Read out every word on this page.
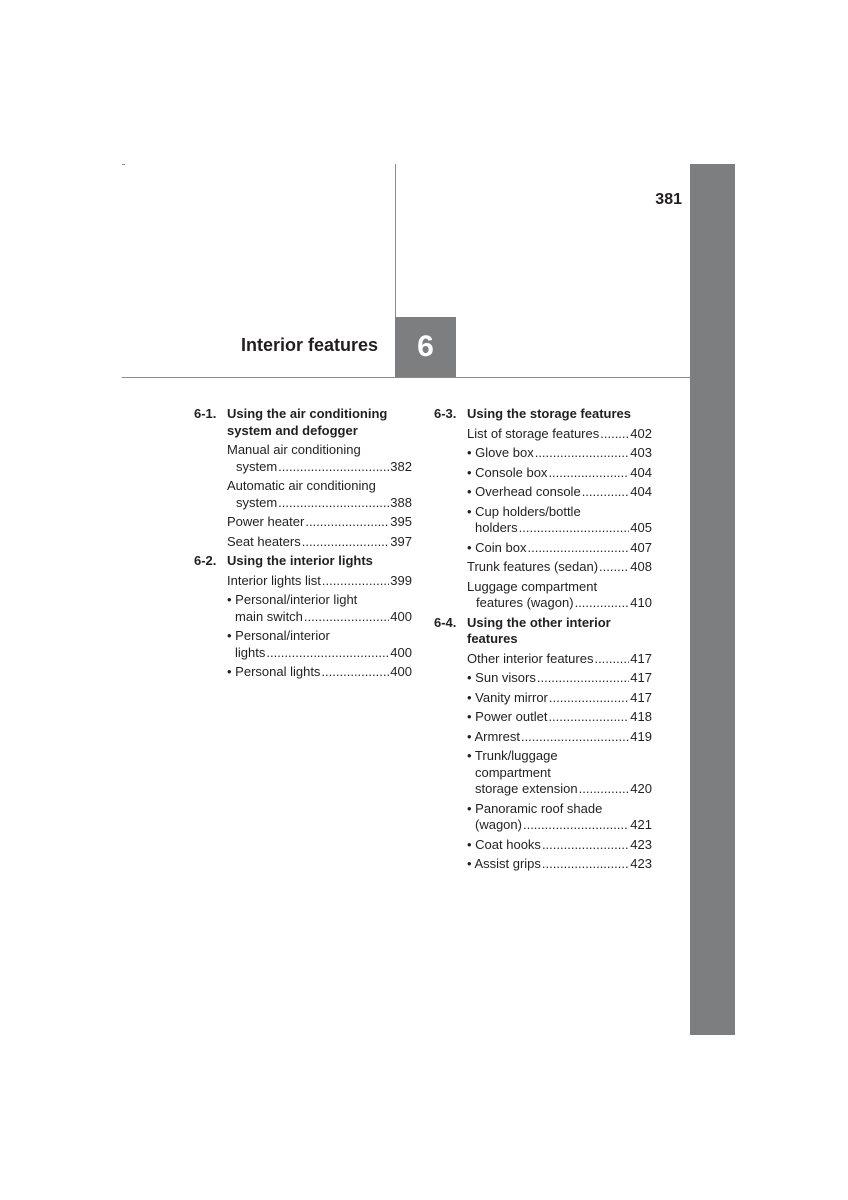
381
Interior features 6
6-1. Using the air conditioning
system and defogger
Manual air conditioning
system .....	382
Automatic air conditioning
system .....	388
Power heater .....	395
Seat heaters .....	397
6-2. Using the interior lights
Interior lights list .....	399
• Personal/interior light
main switch .....	400
• Personal/interior
lights .....	400
• Personal lights .....	400
6-3. Using the storage features
List of storage features ..... 402
• Glove box .....	403
• Console box .....	404
• Overhead console .....	404
• Cup holders/bottle
holders .....	405
• Coin box .....	407
Trunk features (sedan) ..... 408
Luggage compartment
features (wagon) .....	410
6-4. Using the other interior
features
Other interior features .....	417
• Sun visors .....	417
• Vanity mirror .....	417
• Power outlet .....	418
• Armrest .....	419
• Trunk/luggage
compartment
storage extension .....	420
• Panoramic roof shade
(wagon) .....	421
• Coat hooks .....	423
• Assist grips .....	423
